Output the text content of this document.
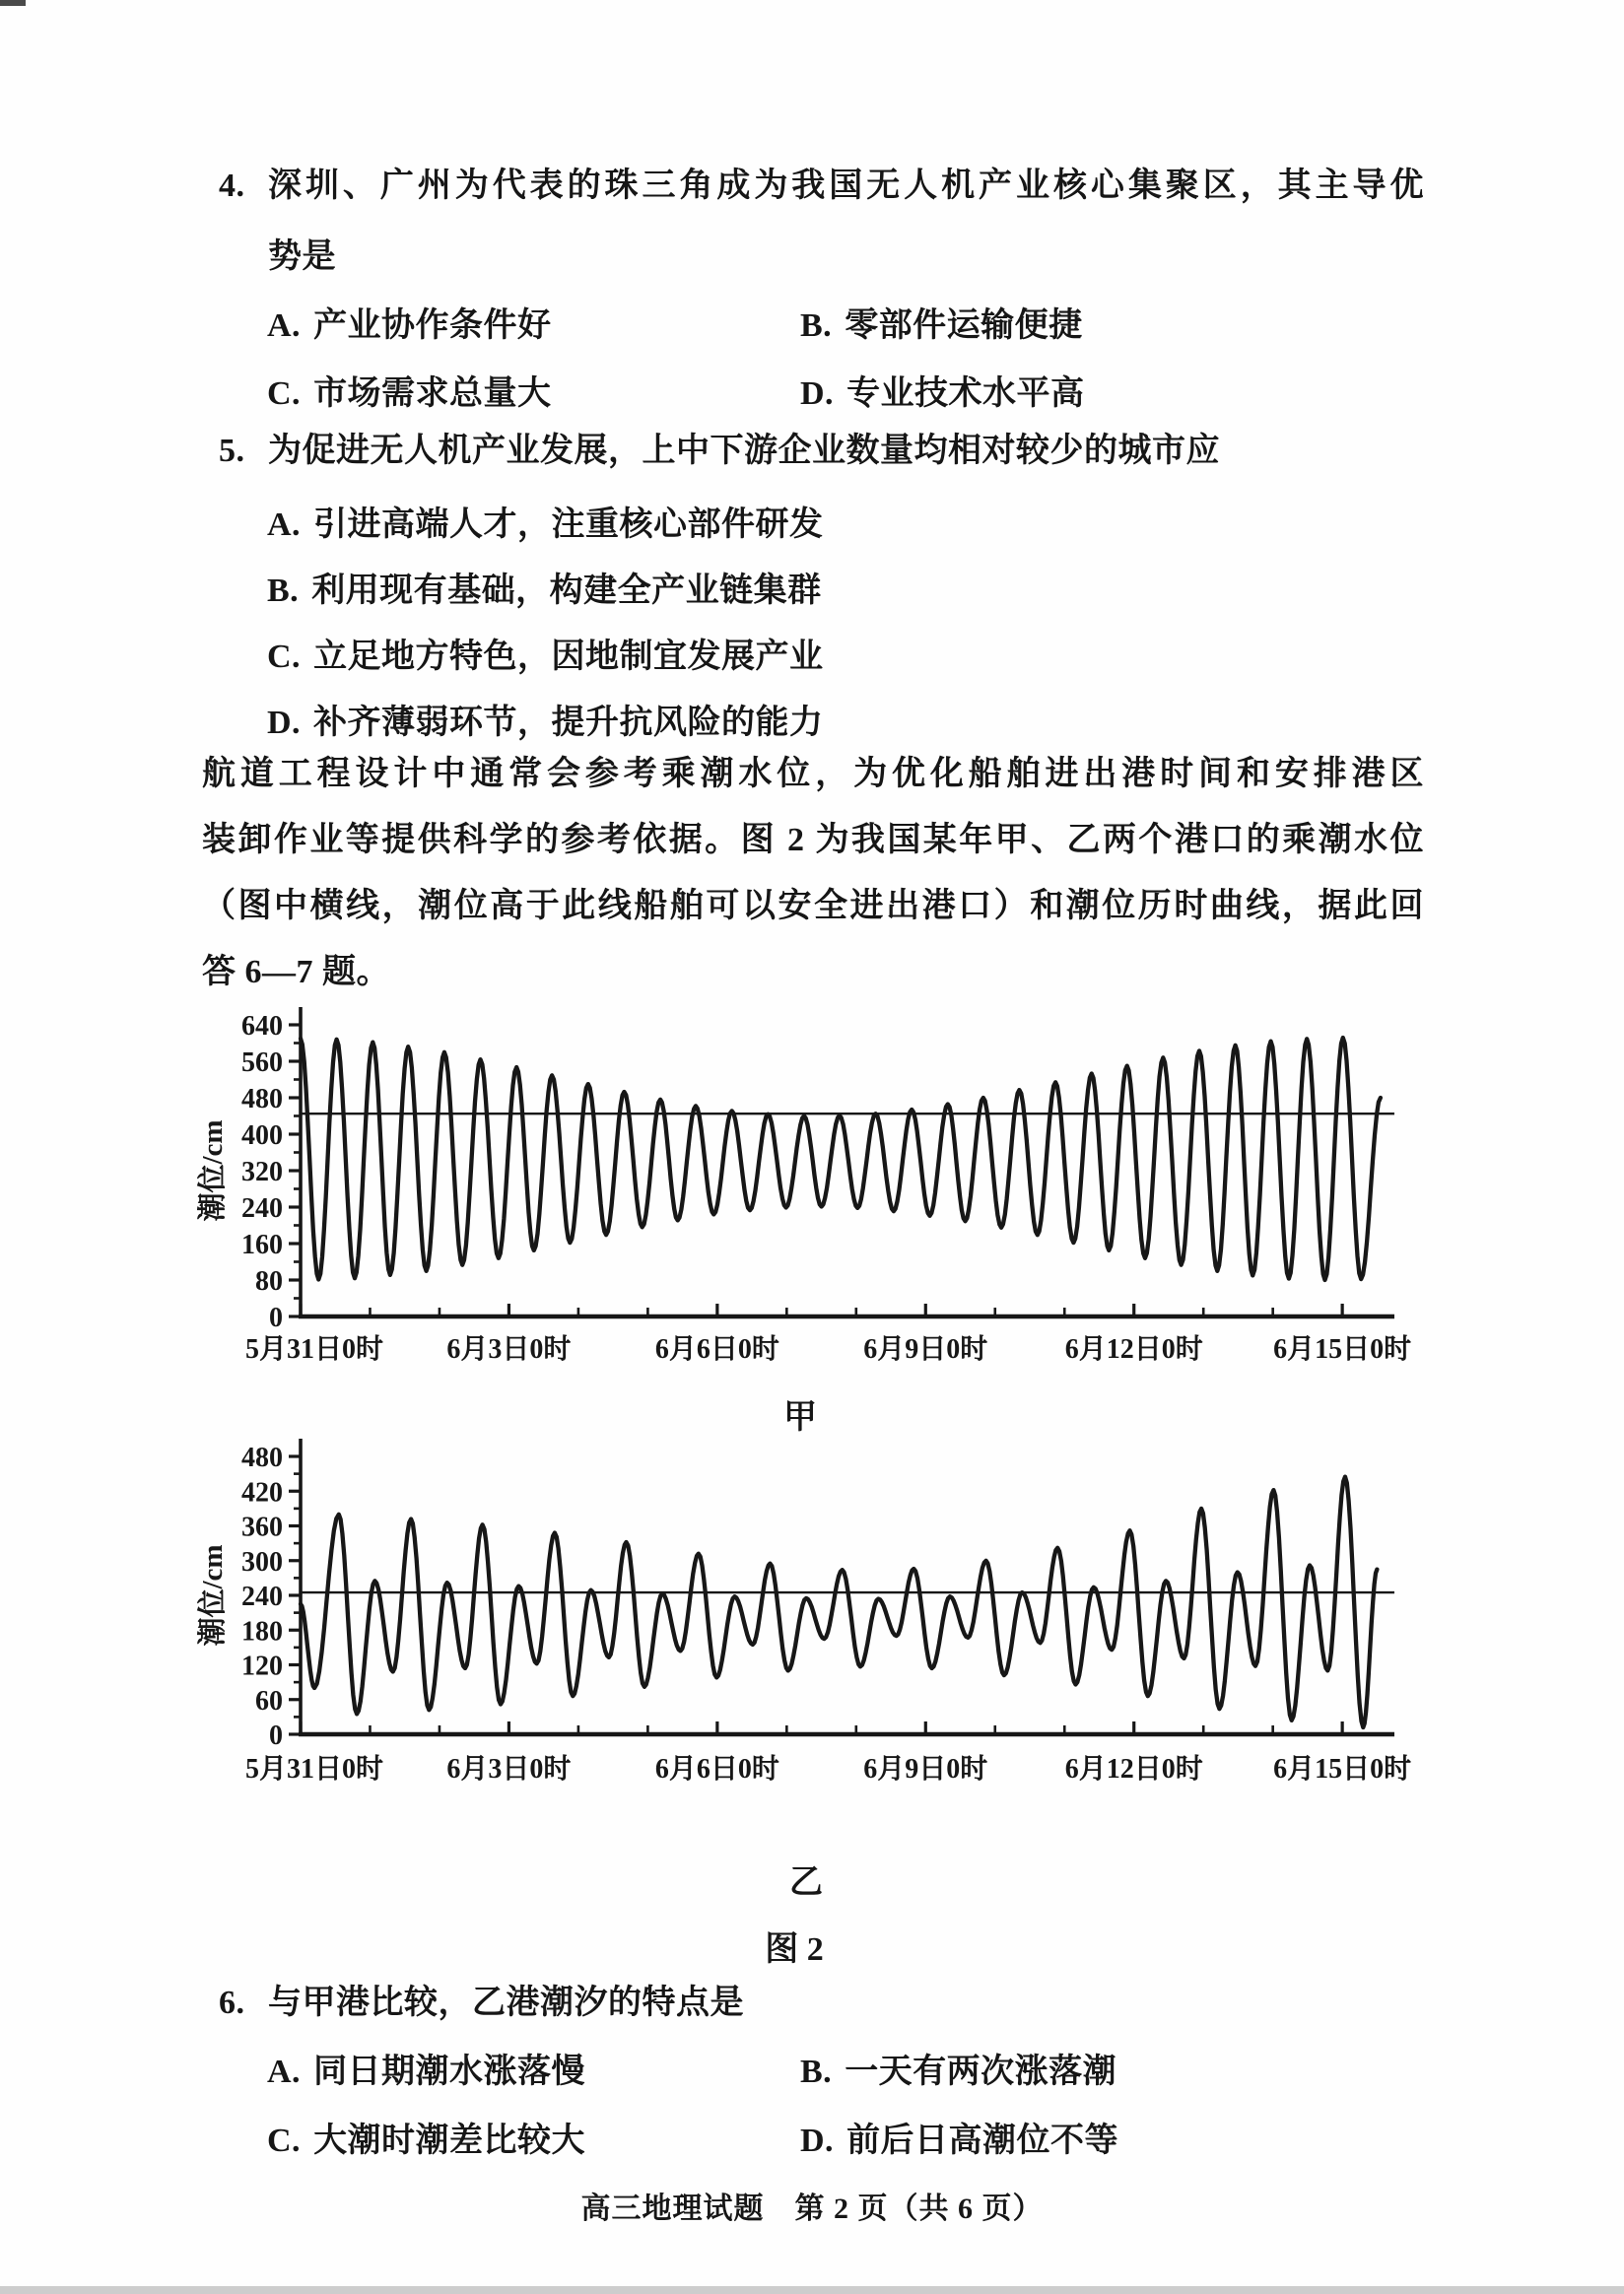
4. 深圳、广州为代表的珠三角成为我国无人机产业核心集聚区，其主导优
势是
A. 产业协作条件好	B. 零部件运输便捷
C. 市场需求总量大	D. 专业技术水平高
5. 为促进无人机产业发展，上中下游企业数量均相对较少的城市应
A. 引进高端人才，注重核心部件研发
B. 利用现有基础，构建全产业链集群
C. 立足地方特色，因地制宜发展产业
D. 补齐薄弱环节，提升抗风险的能力
航道工程设计中通常会参考乘潮水位，为优化船舶进出港时间和安排港区
装卸作业等提供科学的参考依据。图 2 为我国某年甲、乙两个港口的乘潮水位
（图中横线，潮位高于此线船舶可以安全进出港口）和潮位历时曲线，据此回
答 6—7 题。
0
80
160
240
320
400
480
560
640
潮位/cm
5月31日0时 6月3日0时	6月6日0时	6月9日0时	6月12日0时	6月15日0时
0
60
120
180
240
300
360
420
480
潮位/cm
5月31日0时 6月3日0时	6月6日0时	6月9日0时	6月12日0时	6月15日0时
甲
乙
图 2
6. 与甲港比较，乙港潮汐的特点是
A. 同日期潮水涨落慢	B. 一天有两次涨落潮
C. 大潮时潮差比较大	D. 前后日高潮位不等
高三地理试题　第 2 页（共 6 页）
